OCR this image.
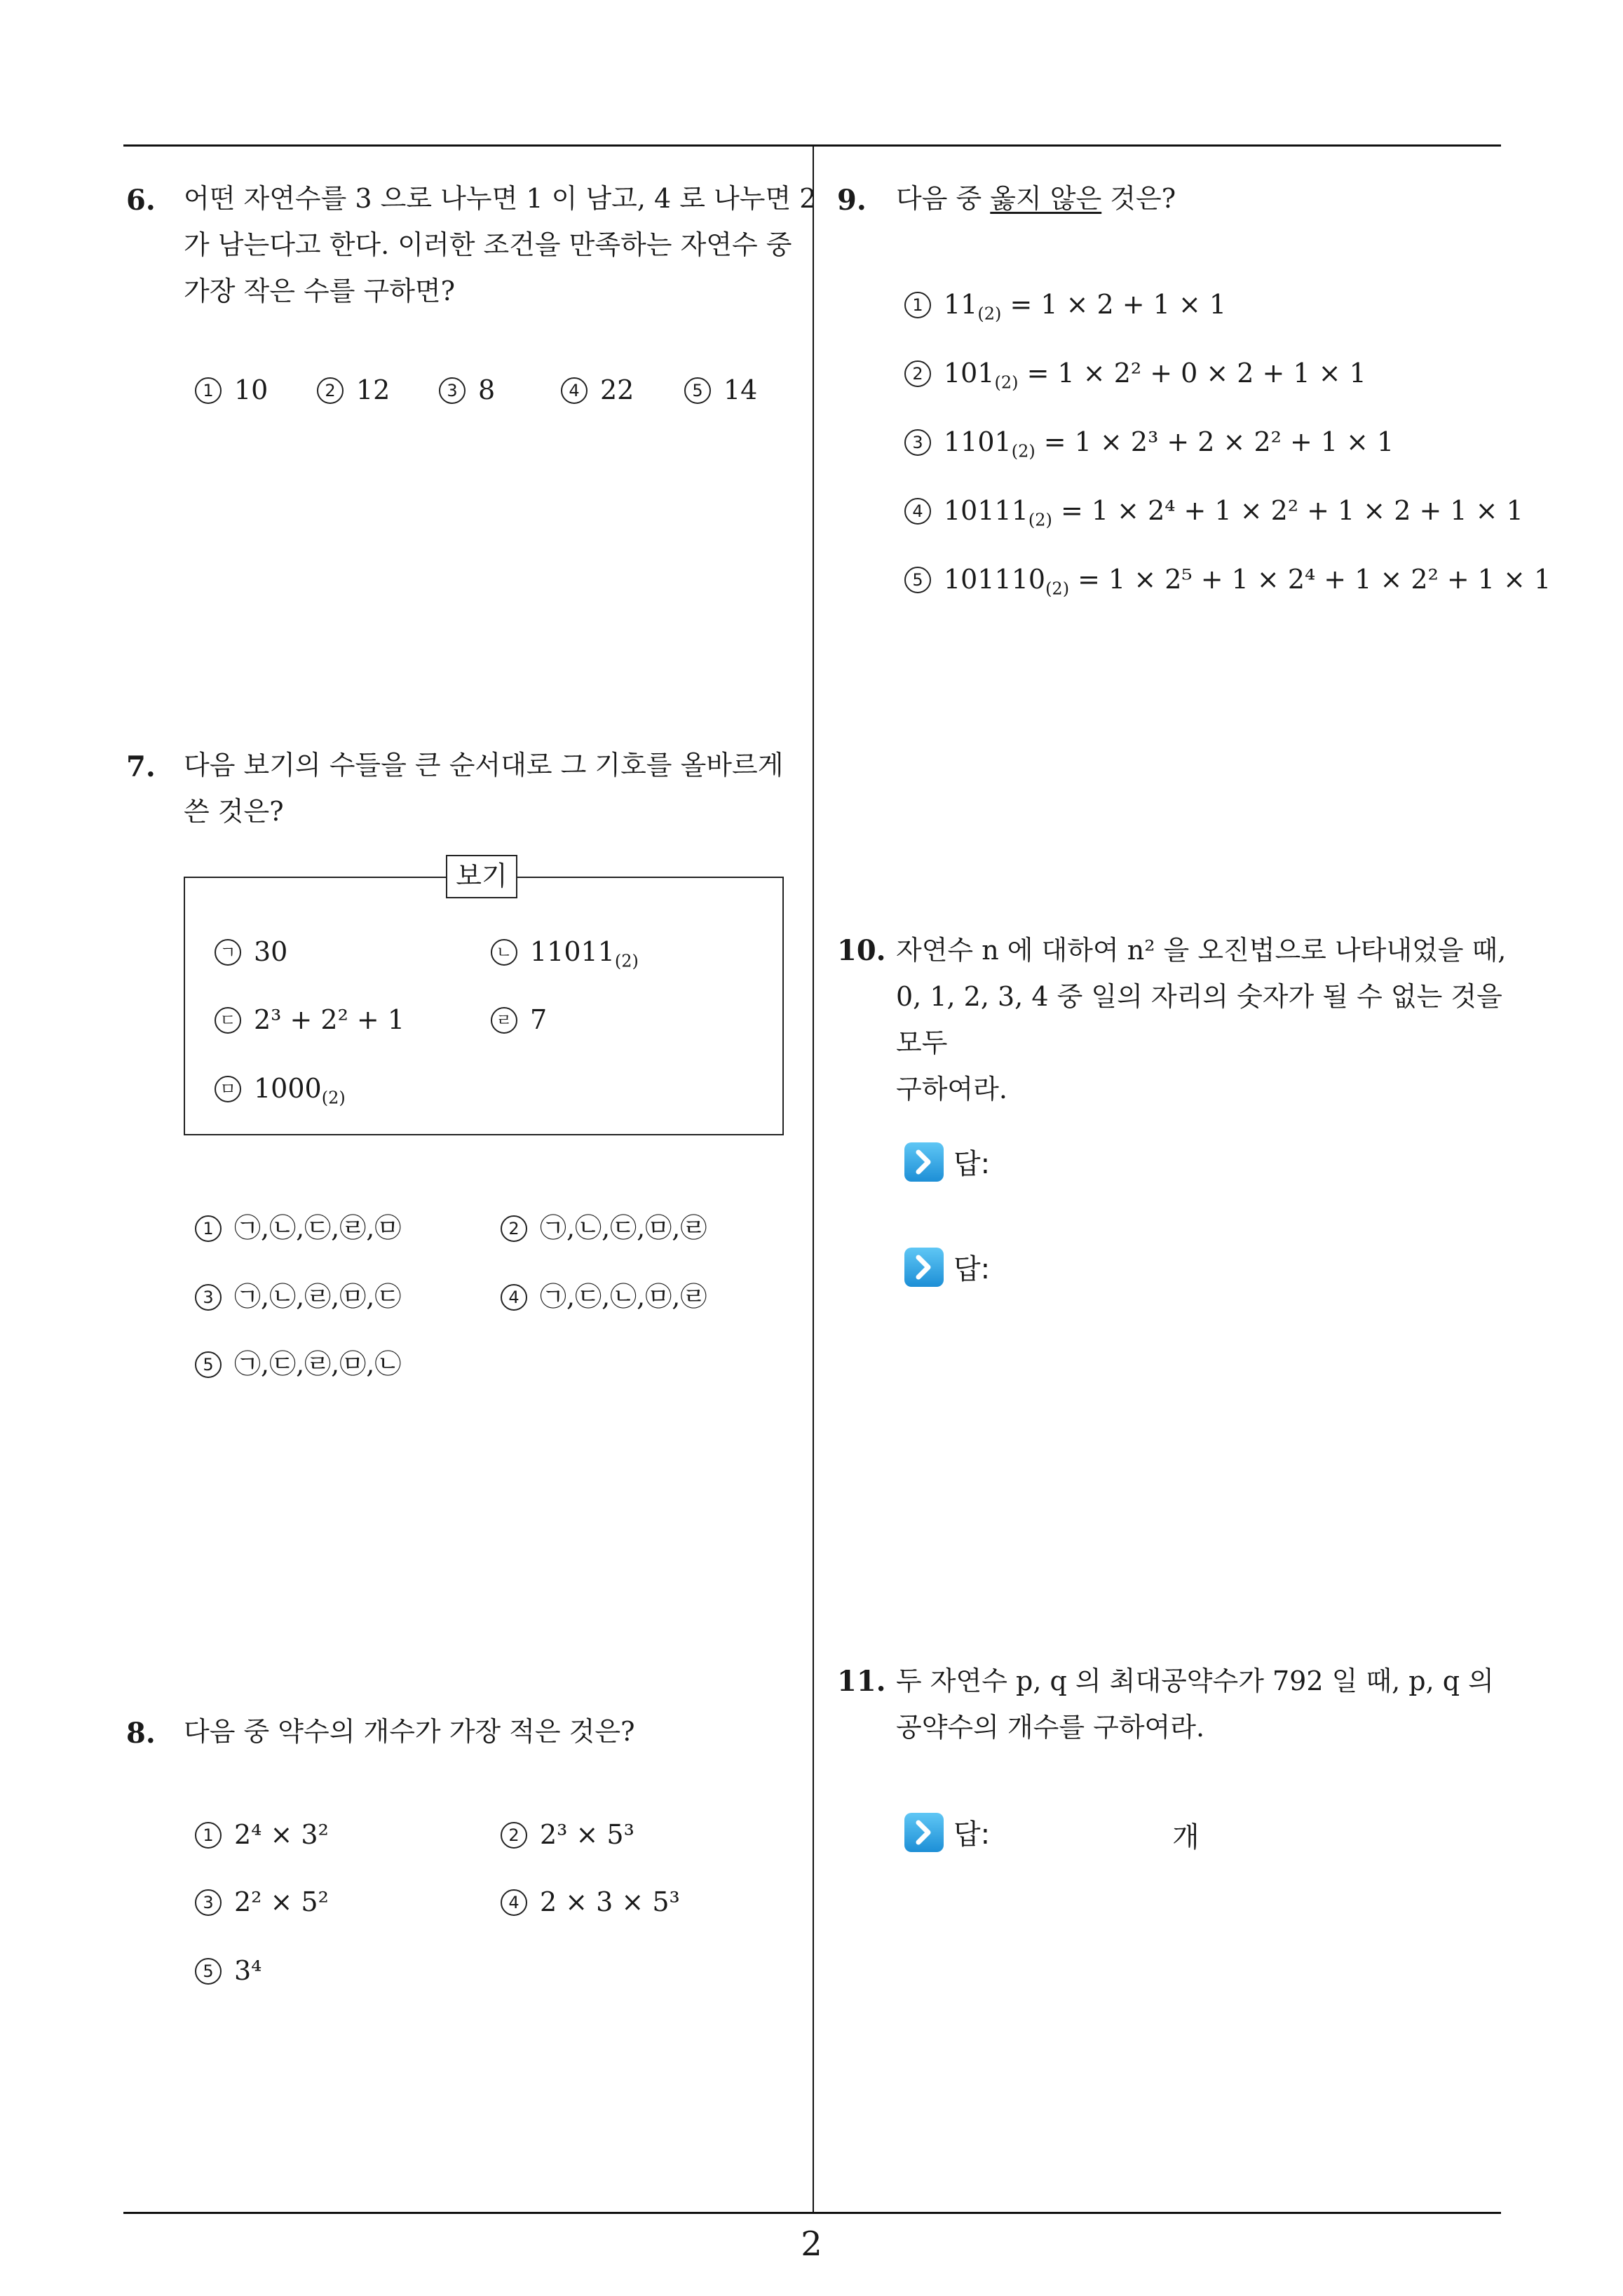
6. 어떤 자연수를 3 으로 나누면 1 이 남고, 4 로 나누면 2
가 남는다고 한다. 이러한 조건을 만족하는 자연수 중
가장 작은 수를 구하면?
1 10	2 12	3 8	4 22	5 14
7. 다음 보기의 수들을 큰 순서대로 그 기호를 올바르게
쓴 것은?
보기
ㄱ 30	ㄴ $11011_{(2)}$
ㄷ 2³ + 2² + 1	ㄹ 7
ㅁ $1000_{(2)}$
1 ㉠,㉡,㉢,㉣,㉤	2 ㉠,㉡,㉢,㉤,㉣
3 ㉠,㉡,㉣,㉤,㉢	4 ㉠,㉢,㉡,㉤,㉣
5 ㉠,㉢,㉣,㉤,㉡
8. 다음 중 약수의 개수가 가장 적은 것은?
1 2⁴ × 3²	2 2³ × 5³
3 2² × 5²	4 2 × 3 × 5³
5 3⁴
9. 다음 중 옳지 않은 것은?
1 $11_{(2)} = 1 \times 2 + 1 \times 1$
2 $101_{(2)} = 1 \times 2^2 + 0 \times 2 + 1 \times 1$
3 $1101_{(2)} = 1 \times 2^3 + 2 \times 2^2 + 1 \times 1$
4 $10111_{(2)} = 1 \times 2^4 + 1 \times 2^2 + 1 \times 2 + 1 \times 1$
5 $101110_{(2)} = 1 \times 2^5 + 1 \times 2^4 + 1 \times 2^2 + 1 \times 1$
10. 자연수 n 에 대하여 n² 을 오진법으로 나타내었을 때,
0, 1, 2, 3, 4 중 일의 자리의 숫자가 될 수 없는 것을 모두
구하여라.
답:
답:
11. 두 자연수 p, q 의 최대공약수가 792 일 때, p, q 의
공약수의 개수를 구하여라.
답:	개
2
